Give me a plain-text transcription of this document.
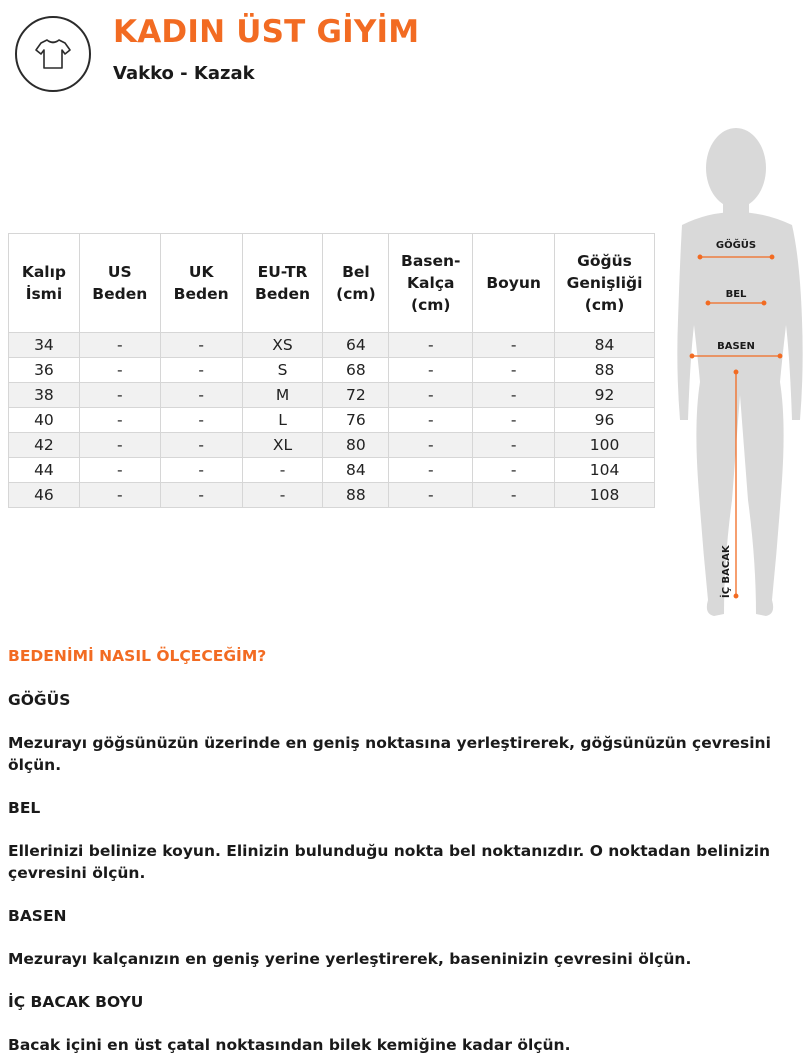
KADIN ÜST GİYİM
Vakko - Kazak
Kalıp İsmi	US Beden	UK Beden	EU-TR Beden	Bel (cm)	Basen-Kalça (cm)	Boyun	Göğüs Genişliği (cm)
34	-	-	XS	64	-	-	84
36	-	-	S	68	-	-	88
38	-	-	M	72	-	-	92
40	-	-	L	76	-	-	96
42	-	-	XL	80	-	-	100
44	-	-	-	84	-	-	104
46	-	-	-	88	-	-	108
GÖĞÜS
BEL
BASEN
İÇ BACAK
BEDENİMİ NASIL ÖLÇECEĞİM?
GÖĞÜS
Mezurayı göğsünüzün üzerinde en geniş noktasına yerleştirerek, göğsünüzün çevresini ölçün.
BEL
Ellerinizi belinize koyun. Elinizin bulunduğu nokta bel noktanızdır. O noktadan belinizin çevresini ölçün.
BASEN
Mezurayı kalçanızın en geniş yerine yerleştirerek, baseninizin çevresini ölçün.
İÇ BACAK BOYU
Bacak içini en üst çatal noktasından bilek kemiğine kadar ölçün.
